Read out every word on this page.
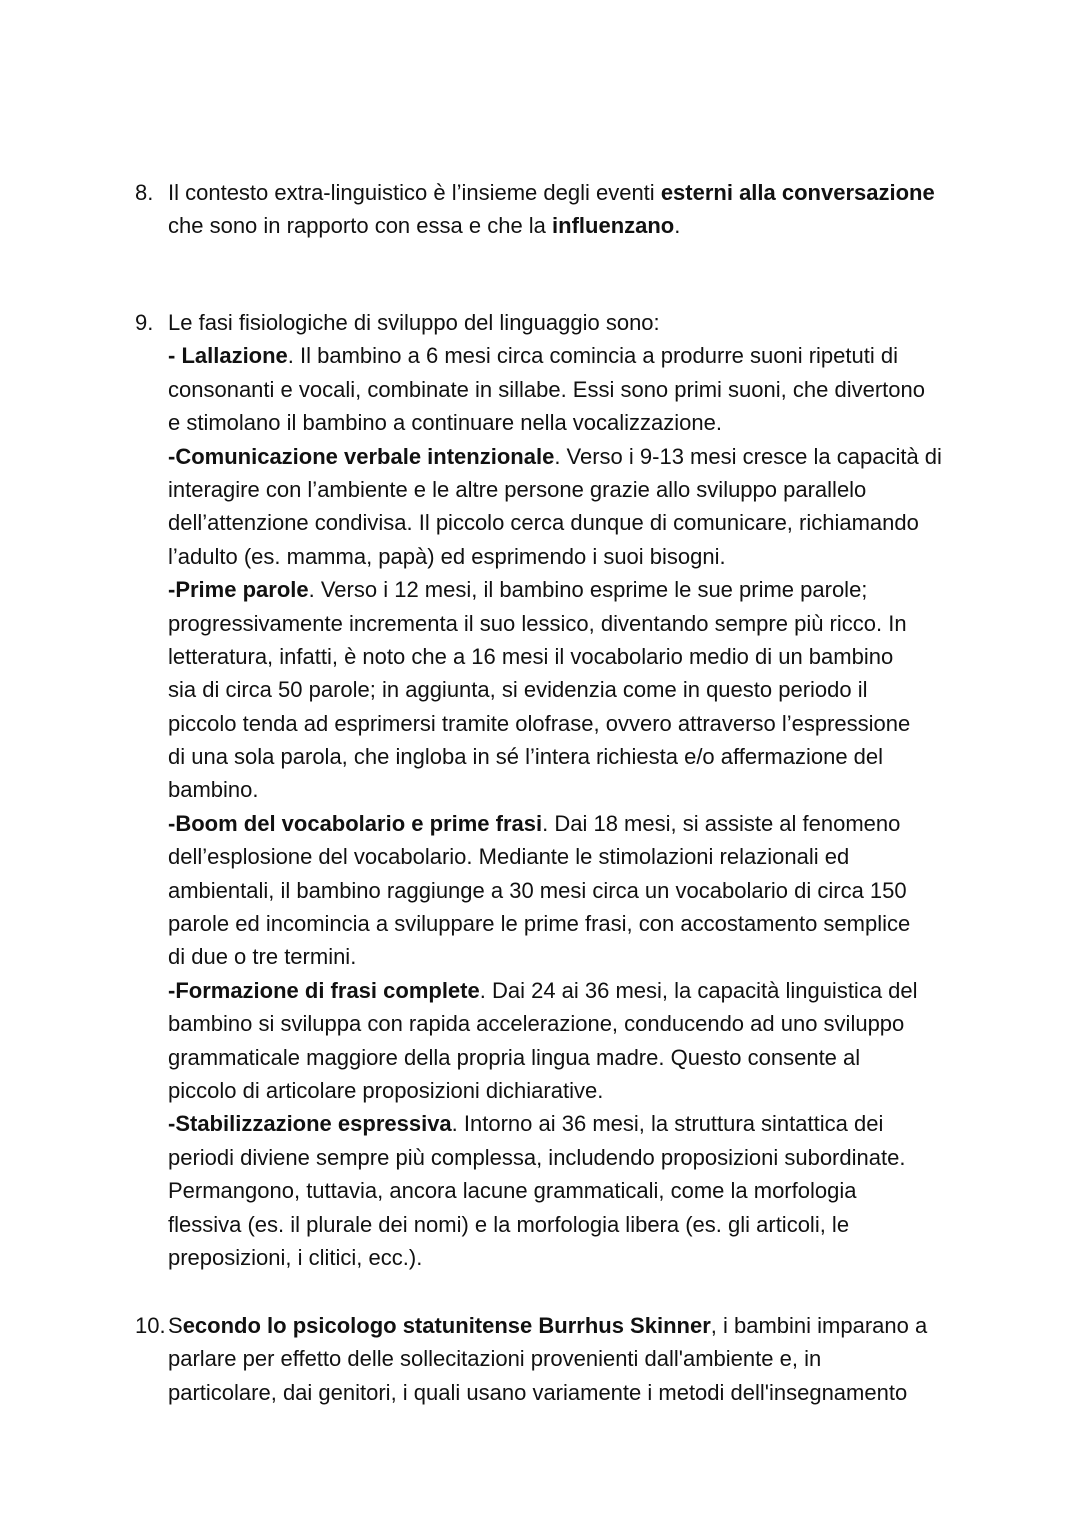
8. Il contesto extra-linguistico è l’insieme degli eventi esterni alla conversazione
che sono in rapporto con essa e che la influenzano.
9. Le fasi fisiologiche di sviluppo del linguaggio sono:
- Lallazione. Il bambino a 6 mesi circa comincia a produrre suoni ripetuti di
consonanti e vocali, combinate in sillabe. Essi sono primi suoni, che divertono
e stimolano il bambino a continuare nella vocalizzazione.
-Comunicazione verbale intenzionale. Verso i 9-13 mesi cresce la capacità di
interagire con l’ambiente e le altre persone grazie allo sviluppo parallelo
dell’attenzione condivisa. Il piccolo cerca dunque di comunicare, richiamando
l’adulto (es. mamma, papà) ed esprimendo i suoi bisogni.
-Prime parole. Verso i 12 mesi, il bambino esprime le sue prime parole;
progressivamente incrementa il suo lessico, diventando sempre più ricco. In
letteratura, infatti, è noto che a 16 mesi il vocabolario medio di un bambino
sia di circa 50 parole; in aggiunta, si evidenzia come in questo periodo il
piccolo tenda ad esprimersi tramite olofrase, ovvero attraverso l’espressione
di una sola parola, che ingloba in sé l’intera richiesta e/o affermazione del
bambino.
-Boom del vocabolario e prime frasi. Dai 18 mesi, si assiste al fenomeno
dell’esplosione del vocabolario. Mediante le stimolazioni relazionali ed
ambientali, il bambino raggiunge a 30 mesi circa un vocabolario di circa 150
parole ed incomincia a sviluppare le prime frasi, con accostamento semplice
di due o tre termini.
-Formazione di frasi complete. Dai 24 ai 36 mesi, la capacità linguistica del
bambino si sviluppa con rapida accelerazione, conducendo ad uno sviluppo
grammaticale maggiore della propria lingua madre. Questo consente al
piccolo di articolare proposizioni dichiarative.
-Stabilizzazione espressiva. Intorno ai 36 mesi, la struttura sintattica dei
periodi diviene sempre più complessa, includendo proposizioni subordinate.
Permangono, tuttavia, ancora lacune grammaticali, come la morfologia
flessiva (es. il plurale dei nomi) e la morfologia libera (es. gli articoli, le
preposizioni, i clitici, ecc.).
10. Secondo lo psicologo statunitense Burrhus Skinner, i bambini imparano a
parlare per effetto delle sollecitazioni provenienti dall'ambiente e, in
particolare, dai genitori, i quali usano variamente i metodi dell'insegnamento
